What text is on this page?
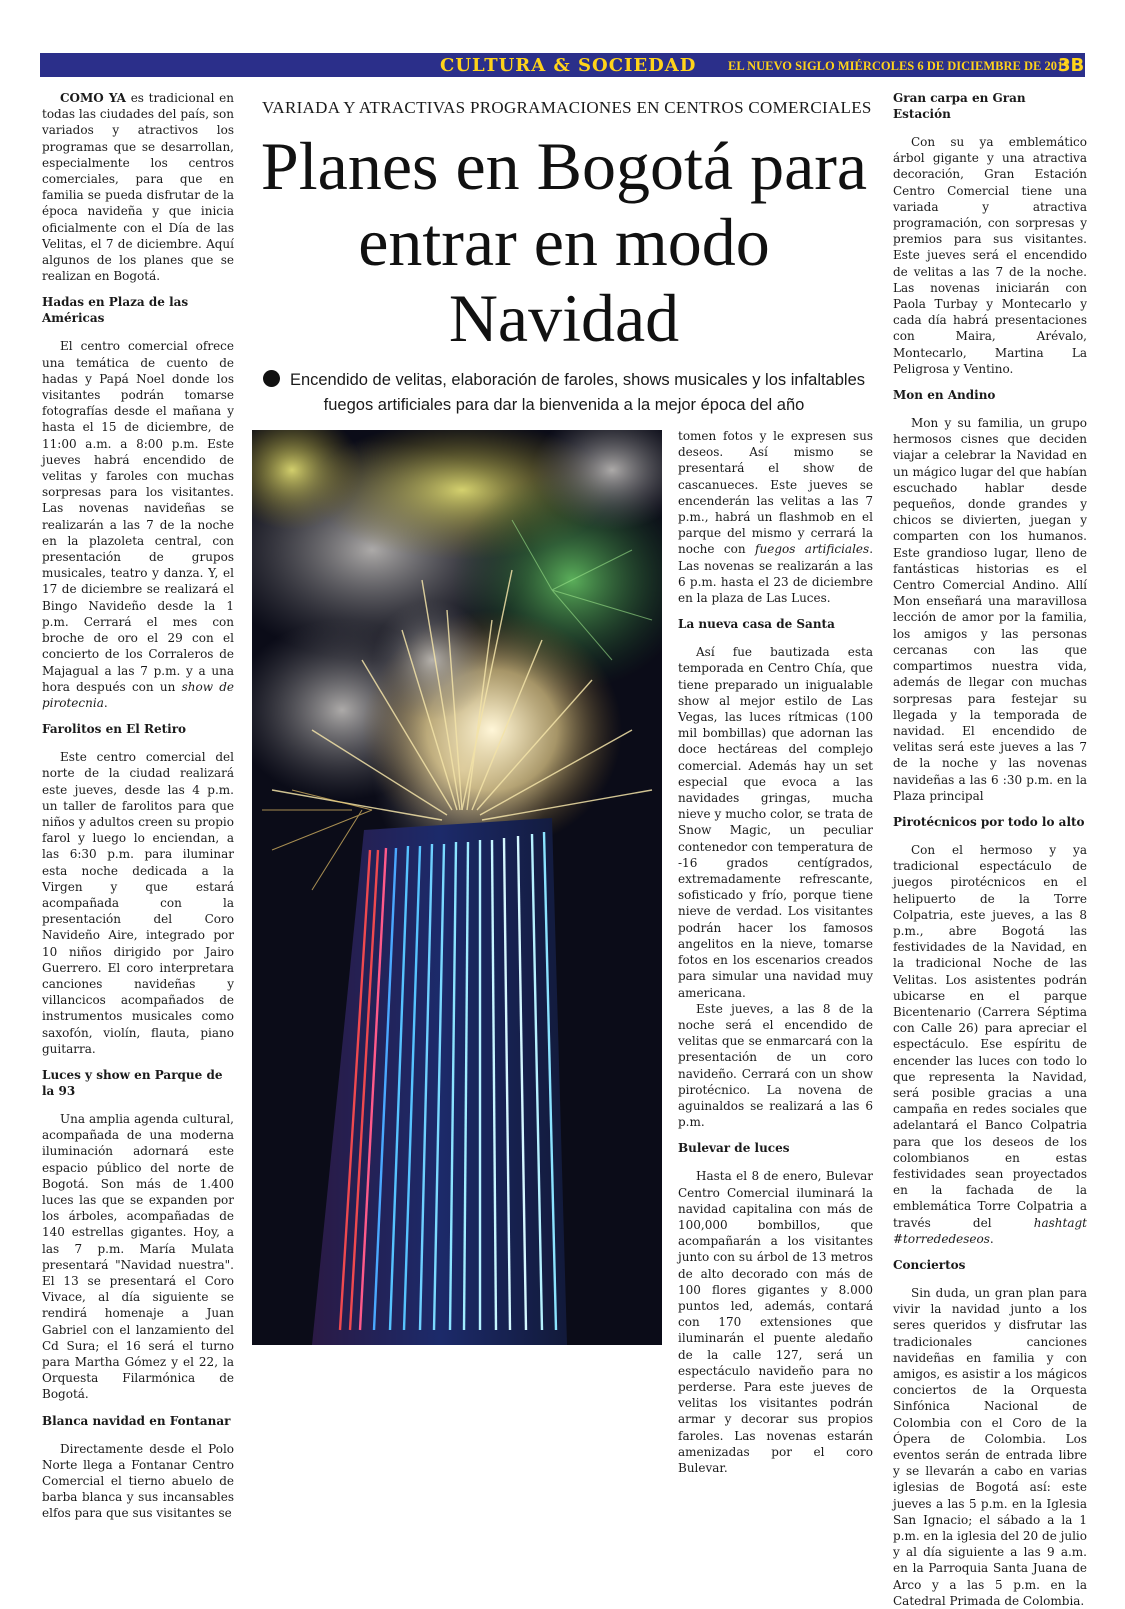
CULTURA & SOCIEDAD	EL NUEVO SIGLO MIÉRCOLES 6 DE DICIEMBRE DE 2017
3B

COMO YA es tradicional en todas las ciudades del país, son variados y atractivos los programas que se desarrollan, especialmente los centros comerciales, para que en familia se pueda disfrutar de la época navideña y que inicia oficialmente con el Día de las Velitas, el 7 de diciembre. Aquí algunos de los planes que se realizan en Bogotá.

Hadas en Plaza de las Américas

El centro comercial ofrece una temática de cuento de hadas y Papá Noel donde los visitantes podrán tomarse fotografías desde el mañana y hasta el 15 de diciembre, de 11:00 a.m. a 8:00 p.m. Este jueves habrá encendido de velitas y faroles con muchas sorpresas para los visitantes. Las novenas navideñas se realizarán a las 7 de la noche en la plazoleta central, con presentación de grupos musicales, teatro y danza. Y, el 17 de diciembre se realizará el Bingo Navideño desde la 1 p.m. Cerrará el mes con broche de oro el 29 con el concierto de los Corraleros de Majagual a las 7 p.m. y a una hora después con un show de pirotecnia.

Farolitos en El Retiro

Este centro comercial del norte de la ciudad realizará este jueves, desde las 4 p.m. un taller de farolitos para que niños y adultos creen su propio farol y luego lo enciendan, a las 6:30 p.m. para iluminar esta noche dedicada a la Virgen y que estará acompañada con la presentación del Coro Navideño Aire, integrado por 10 niños dirigido por Jairo Guerrero. El coro interpretara canciones navideñas y villancicos acompañados de instrumentos musicales como saxofón, violín, flauta, piano guitarra.

Luces y show en Parque de la 93

Una amplia agenda cultural, acompañada de una moderna iluminación adornará este espacio público del norte de Bogotá. Son más de 1.400 luces las que se expanden por los árboles, acompañadas de 140 estrellas gigantes. Hoy, a las 7 p.m. María Mulata presentará "Navidad nuestra". El 13 se presentará el Coro Vivace, al día siguiente se rendirá homenaje a Juan Gabriel con el lanzamiento del Cd Sura; el 16 será el turno para Martha Gómez y el 22, la Orquesta Filarmónica de Bogotá.

Blanca navidad en Fontanar

Directamente desde el Polo Norte llega a Fontanar Centro Comercial el tierno abuelo de barba blanca y sus incansables elfos para que sus visitantes se

VARIADA Y ATRACTIVAS PROGRAMACIONES EN CENTROS COMERCIALES
Planes en Bogotá para entrar en modo Navidad
Encendido de velitas, elaboración de faroles, shows musicales y los infaltables fuegos artificiales para dar la bienvenida a la mejor época del año

tomen fotos y le expresen sus deseos. Así mismo se presentará el show de cascanueces. Este jueves se encenderán las velitas a las 7 p.m., habrá un flashmob en el parque del mismo y cerrará la noche con fuegos artificiales. Las novenas se realizarán a las 6 p.m. hasta el 23 de diciembre en la plaza de Las Luces.

La nueva casa de Santa

Así fue bautizada esta temporada en Centro Chía, que tiene preparado un inigualable show al mejor estilo de Las Vegas, las luces rítmicas (100 mil bombillas) que adornan las doce hectáreas del complejo comercial. Además hay un set especial que evoca a las navidades gringas, mucha nieve y mucho color, se trata de Snow Magic, un peculiar contenedor con temperatura de -16 grados centígrados, extremadamente refrescante, sofisticado y frío, porque tiene nieve de verdad. Los visitantes podrán hacer los famosos angelitos en la nieve, tomarse fotos en los escenarios creados para simular una navidad muy americana.

Este jueves, a las 8 de la noche será el encendido de velitas que se enmarcará con la presentación de un coro navideño. Cerrará con un show pirotécnico. La novena de aguinaldos se realizará a las 6 p.m.

Bulevar de luces

Hasta el 8 de enero, Bulevar Centro Comercial iluminará la navidad capitalina con más de 100,000 bombillos, que acompañarán a los visitantes junto con su árbol de 13 metros de alto decorado con más de 100 flores gigantes y 8.000 puntos led, además, contará con 170 extensiones que iluminarán el puente aledaño de la calle 127, será un espectáculo navideño para no perderse. Para este jueves de velitas los visitantes podrán armar y decorar sus propios faroles. Las novenas estarán amenizadas por el coro Bulevar.

Gran carpa en Gran Estación

Con su ya emblemático árbol gigante y una atractiva decoración, Gran Estación Centro Comercial tiene una variada y atractiva programación, con sorpresas y premios para sus visitantes. Este jueves será el encendido de velitas a las 7 de la noche. Las novenas iniciarán con Paola Turbay y Montecarlo y cada día habrá presentaciones con Maira, Arévalo, Montecarlo, Martina La Peligrosa y Ventino.

Mon en Andino

Mon y su familia, un grupo hermosos cisnes que deciden viajar a celebrar la Navidad en un mágico lugar del que habían escuchado hablar desde pequeños, donde grandes y chicos se divierten, juegan y comparten con los humanos. Este grandioso lugar, lleno de fantásticas historias es el Centro Comercial Andino. Allí Mon enseñará una maravillosa lección de amor por la familia, los amigos y las personas cercanas con las que compartimos nuestra vida, además de llegar con muchas sorpresas para festejar su llegada y la temporada de navidad. El encendido de velitas será este jueves a las 7 de la noche y las novenas navideñas a las 6 :30 p.m. en la Plaza principal

Pirotécnicos por todo lo alto

Con el hermoso y ya tradicional espectáculo de juegos pirotécnicos en el helipuerto de la Torre Colpatria, este jueves, a las 8 p.m., abre Bogotá las festividades de la Navidad, en la tradicional Noche de las Velitas. Los asistentes podrán ubicarse en el parque Bicentenario (Carrera Séptima con Calle 26) para apreciar el espectáculo. Ese espíritu de encender las luces con todo lo que representa la Navidad, será posible gracias a una campaña en redes sociales que adelantará el Banco Colpatria para que los deseos de los colombianos en estas festividades sean proyectados en la fachada de la emblemática Torre Colpatria a través del hashtagt #torrededeseos.

Conciertos

Sin duda, un gran plan para vivir la navidad junto a los seres queridos y disfrutar las tradicionales canciones navideñas en familia y con amigos, es asistir a los mágicos conciertos de la Orquesta Sinfónica Nacional de Colombia con el Coro de la Ópera de Colombia. Los eventos serán de entrada libre y se llevarán a cabo en varias iglesias de Bogotá así: este jueves a las 5 p.m. en la Iglesia San Ignacio; el sábado a la 1 p.m. en la iglesia del 20 de julio y al día siguiente a las 9 a.m. en la Parroquia Santa Juana de Arco y a las 5 p.m. en la Catedral Primada de Colombia.
